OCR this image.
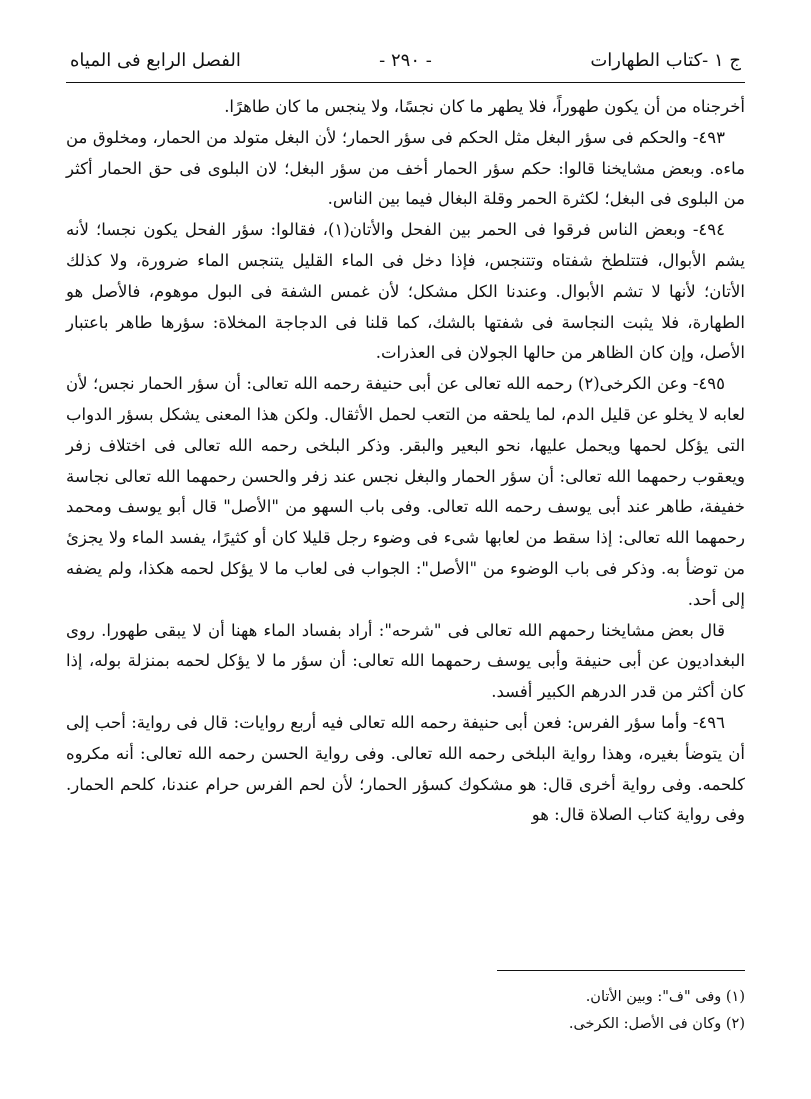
ج ١ -كتاب الطهارات
- ٢٩٠ -
الفصل الرابع فى المياه

أخرجناه من أن يكون طهوراً، فلا يطهر ما كان نجسًا، ولا ينجس ما كان طاهرًا.

٤٩٣- والحكم فى سؤر البغل مثل الحكم فى سؤر الحمار؛ لأن البغل متولد من الحمار، ومخلوق من ماءه. وبعض مشايخنا قالوا: حكم سؤر الحمار أخف من سؤر البغل؛ لان البلوى فى حق الحمار أكثر من البلوى فى البغل؛ لكثرة الحمر وقلة البغال فيما بين الناس.

٤٩٤- وبعض الناس فرقوا فى الحمر بين الفحل والأتان(١)، فقالوا: سؤر الفحل يكون نجسا؛ لأنه يشم الأبوال، فتتلطخ شفتاه وتتنجس، فإذا دخل فى الماء القليل يتنجس الماء ضرورة، ولا كذلك الأتان؛ لأنها لا تشم الأبوال. وعندنا الكل مشكل؛ لأن غمس الشفة فى البول موهوم، فالأصل هو الطهارة، فلا يثبت النجاسة فى شفتها بالشك، كما قلنا فى الدجاجة المخلاة: سؤرها طاهر باعتبار الأصل، وإن كان الظاهر من حالها الجولان فى العذرات.

٤٩٥- وعن الكرخى(٢) رحمه الله تعالى عن أبى حنيفة رحمه الله تعالى: أن سؤر الحمار نجس؛ لأن لعابه لا يخلو عن قليل الدم، لما يلحقه من التعب لحمل الأثقال. ولكن هذا المعنى يشكل بسؤر الدواب التى يؤكل لحمها ويحمل عليها، نحو البعير والبقر. وذكر البلخى رحمه الله تعالى فى اختلاف زفر ويعقوب رحمهما الله تعالى: أن سؤر الحمار والبغل نجس عند زفر والحسن رحمهما الله تعالى نجاسة خفيفة، طاهر عند أبى يوسف رحمه الله تعالى. وفى باب السهو من "الأصل" قال أبو يوسف ومحمد رحمهما الله تعالى: إذا سقط من لعابها شىء فى وضوء رجل قليلا كان أو كثيرًا، يفسد الماء ولا يجزئ من توضأ به. وذكر فى باب الوضوء من "الأصل": الجواب فى لعاب ما لا يؤكل لحمه هكذا، ولم يضفه إلى أحد.

قال بعض مشايخنا رحمهم الله تعالى فى "شرحه": أراد بفساد الماء ههنا أن لا يبقى طهورا. روى البغداديون عن أبى حنيفة وأبى يوسف رحمهما الله تعالى: أن سؤر ما لا يؤكل لحمه بمنزلة بوله، إذا كان أكثر من قدر الدرهم الكبير أفسد.

٤٩٦- وأما سؤر الفرس: فعن أبى حنيفة رحمه الله تعالى فيه أربع روايات: قال فى رواية: أحب إلى أن يتوضأ بغيره، وهذا رواية البلخى رحمه الله تعالى. وفى رواية الحسن رحمه الله تعالى: أنه مكروه كلحمه. وفى رواية أخرى قال: هو مشكوك كسؤر الحمار؛ لأن لحم الفرس حرام عندنا، كلحم الحمار. وفى رواية كتاب الصلاة قال: هو

(١) وفى "ف": وبين الأتان.

(٢) وكان فى الأصل: الكرخى.
